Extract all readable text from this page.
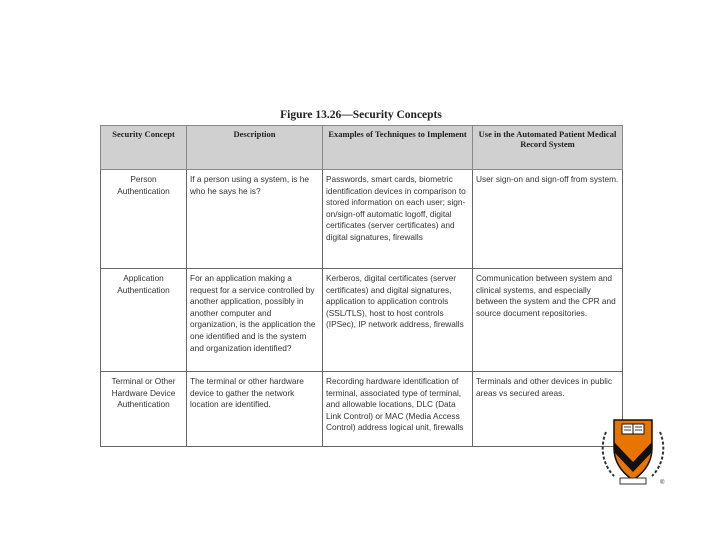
Figure 13.26—Security Concepts
Security Concept	Description	Examples of Techniques to Implement	Use in the Automated Patient Medical Record System
Person Authentication	If a person using a system, is he who he says he is?	Passwords, smart cards, biometric identification devices in comparison to stored information on each user; sign-on/sign-off automatic logoff, digital certificates (server certificates) and digital signatures, firewalls	User sign-on and sign-off from system.
Application Authentication	For an application making a request for a service controlled by another application, possibly in another computer and organization, is the application the one identified and is the system and organization identified?	Kerberos, digital certificates (server certificates) and digital signatures, application to application controls (SSL/TLS), host to host controls (IPSec), IP network address, firewalls	Communication between system and clinical systems, and especially between the system and the CPR and source document repositories.
Terminal or Other Hardware Device Authentication	The terminal or other hardware device to gather the network location are identified.	Recording hardware identification of terminal, associated type of terminal, and allowable locations, DLC (Data Link Control) or MAC (Media Access Control) address logical unit, firewalls	Terminals and other devices in public areas vs secured areas.
®
